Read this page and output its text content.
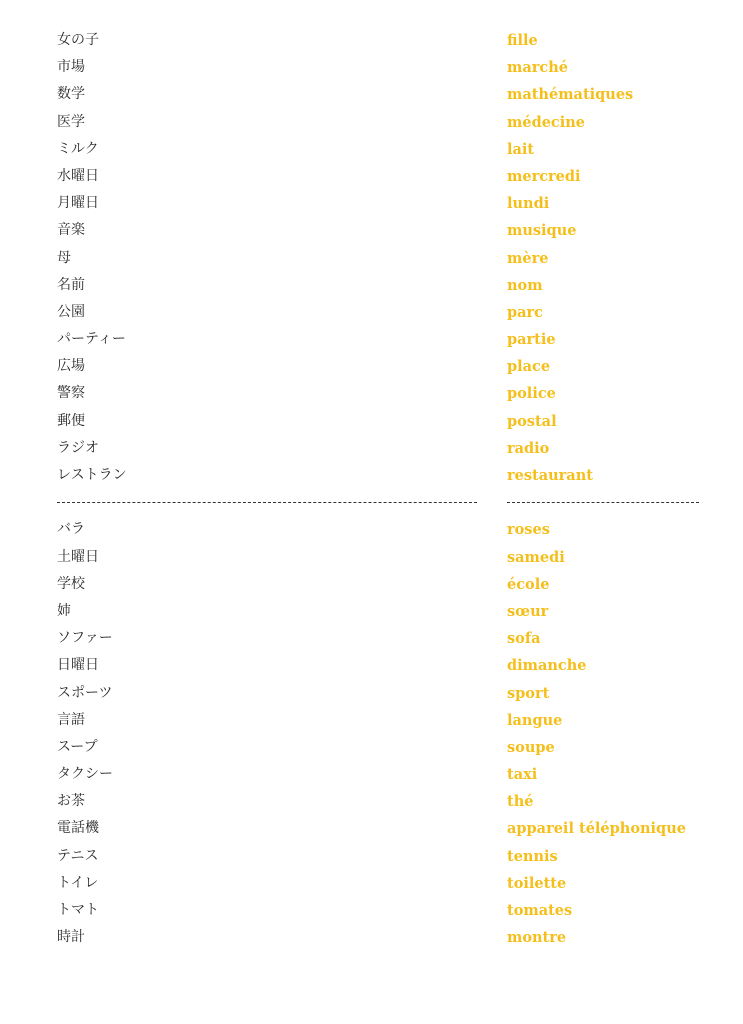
女の子
市場
数学
医学
ミルク
水曜日
月曜日
音楽
母
名前
公園
パーティー
広場
警察
郵便
ラジオ
レストラン
バラ
土曜日
学校
姉
ソファー
日曜日
スポーツ
言語
スープ
タクシー
お茶
電話機
テニス
トイレ
トマト
時計
fille
marché
mathématiques
médecine
lait
mercredi
lundi
musique
mère
nom
parc
partie
place
police
postal
radio
restaurant
roses
samedi
école
sœur
sofa
dimanche
sport
langue
soupe
taxi
thé
appareil téléphonique
tennis
toilette
tomates
montre
